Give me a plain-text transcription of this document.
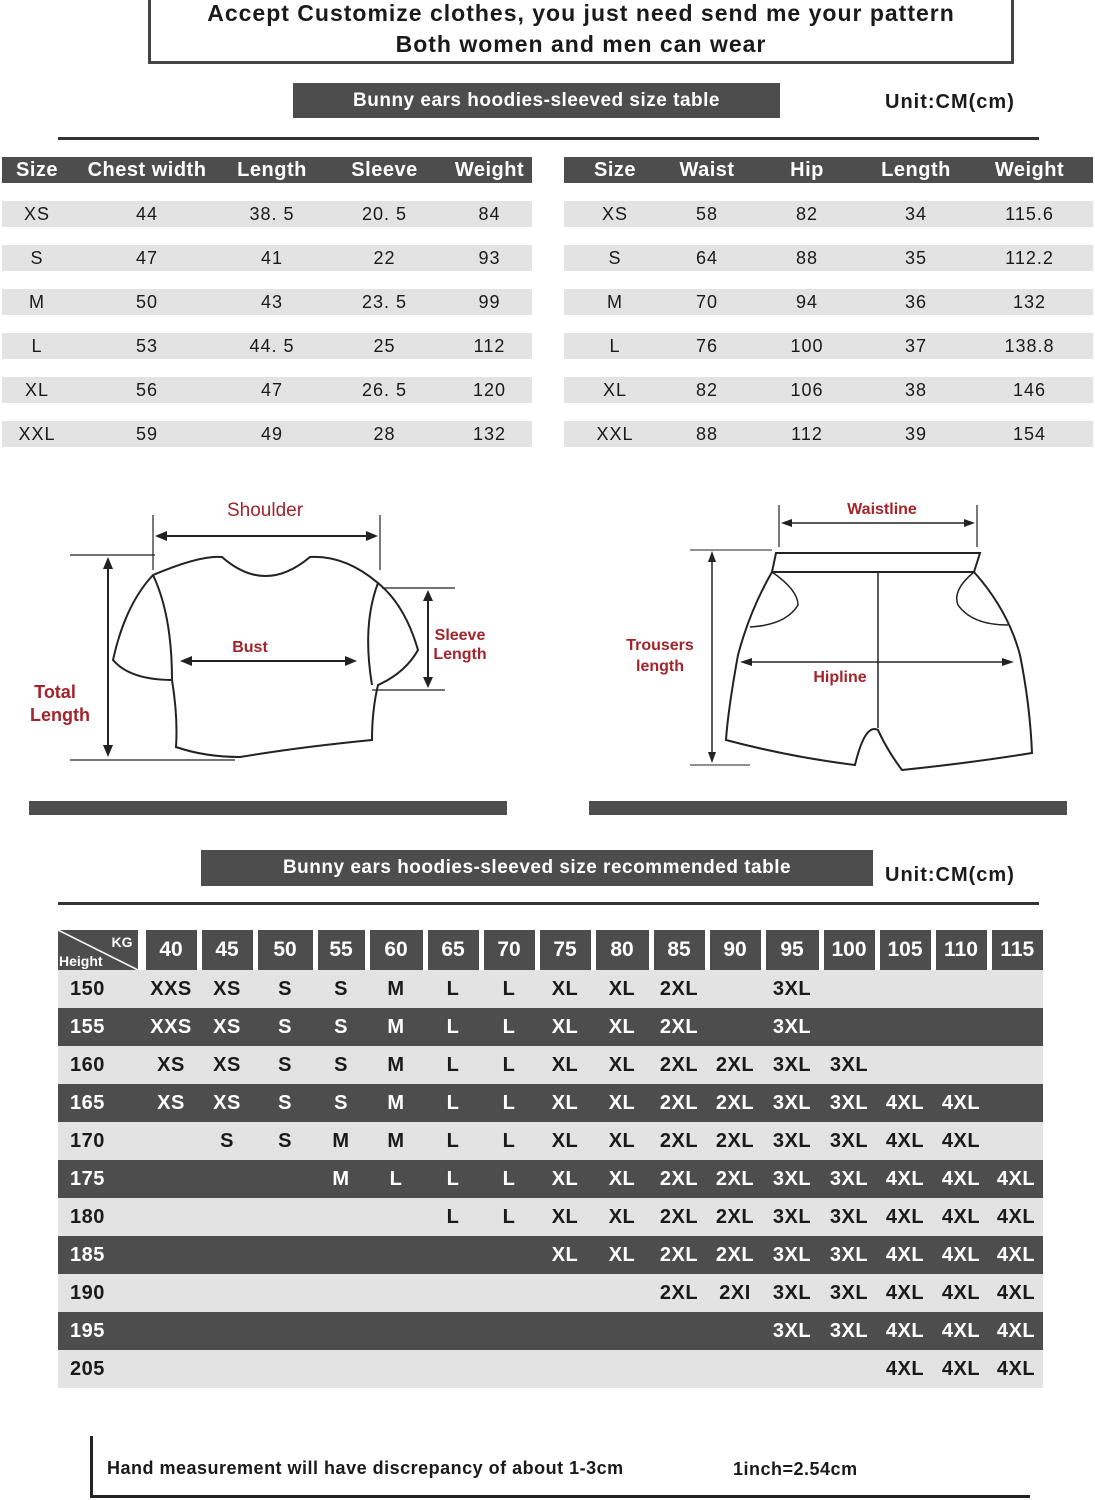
Accept Customize clothes, you just need send me your pattern
Both women and men can wear
Bunny ears hoodies-sleeved size table	Unit:CM(cm)
Size	Chest width	Length	Sleeve	Weight

XS	44	38. 5	20. 5	84

S	47	41	22	93

M	50	43	23. 5	99

L	53	44. 5	25	112

XL	56	47	26. 5	120

XXL	59	49	28	132
Size	Waist	Hip	Length	Weight

XS	58	82	34	115.6

S	64	88	35	112.2

M	70	94	36	132

L	76	100	37	138.8

XL	82	106	38	146

XXL	88	112	39	154
Shoulder
Bust
Sleeve
Length
Total
Length
Waistline
Hipline
Trousers
length
Bunny ears hoodies-sleeved size recommended table	Unit:CM(cm)
KG
Height	40	45	50	55	60	65	70	75	80	85	90	95	100	105	110	115
150	XXS	XS	S	S	M	L	L	XL	XL	2XL		3XL				
155	XXS	XS	S	S	M	L	L	XL	XL	2XL		3XL				
160	XS	XS	S	S	M	L	L	XL	XL	2XL	2XL	3XL	3XL			
165	XS	XS	S	S	M	L	L	XL	XL	2XL	2XL	3XL	3XL	4XL	4XL	
170		S	S	M	M	L	L	XL	XL	2XL	2XL	3XL	3XL	4XL	4XL	
175				M	L	L	L	XL	XL	2XL	2XL	3XL	3XL	4XL	4XL	4XL
180						L	L	XL	XL	2XL	2XL	3XL	3XL	4XL	4XL	4XL
185								XL	XL	2XL	2XL	3XL	3XL	4XL	4XL	4XL
190										2XL	2XI	3XL	3XL	4XL	4XL	4XL
195												3XL	3XL	4XL	4XL	4XL
205														4XL	4XL	4XL
Hand measurement will have discrepancy of about 1-3cm	1inch=2.54cm
